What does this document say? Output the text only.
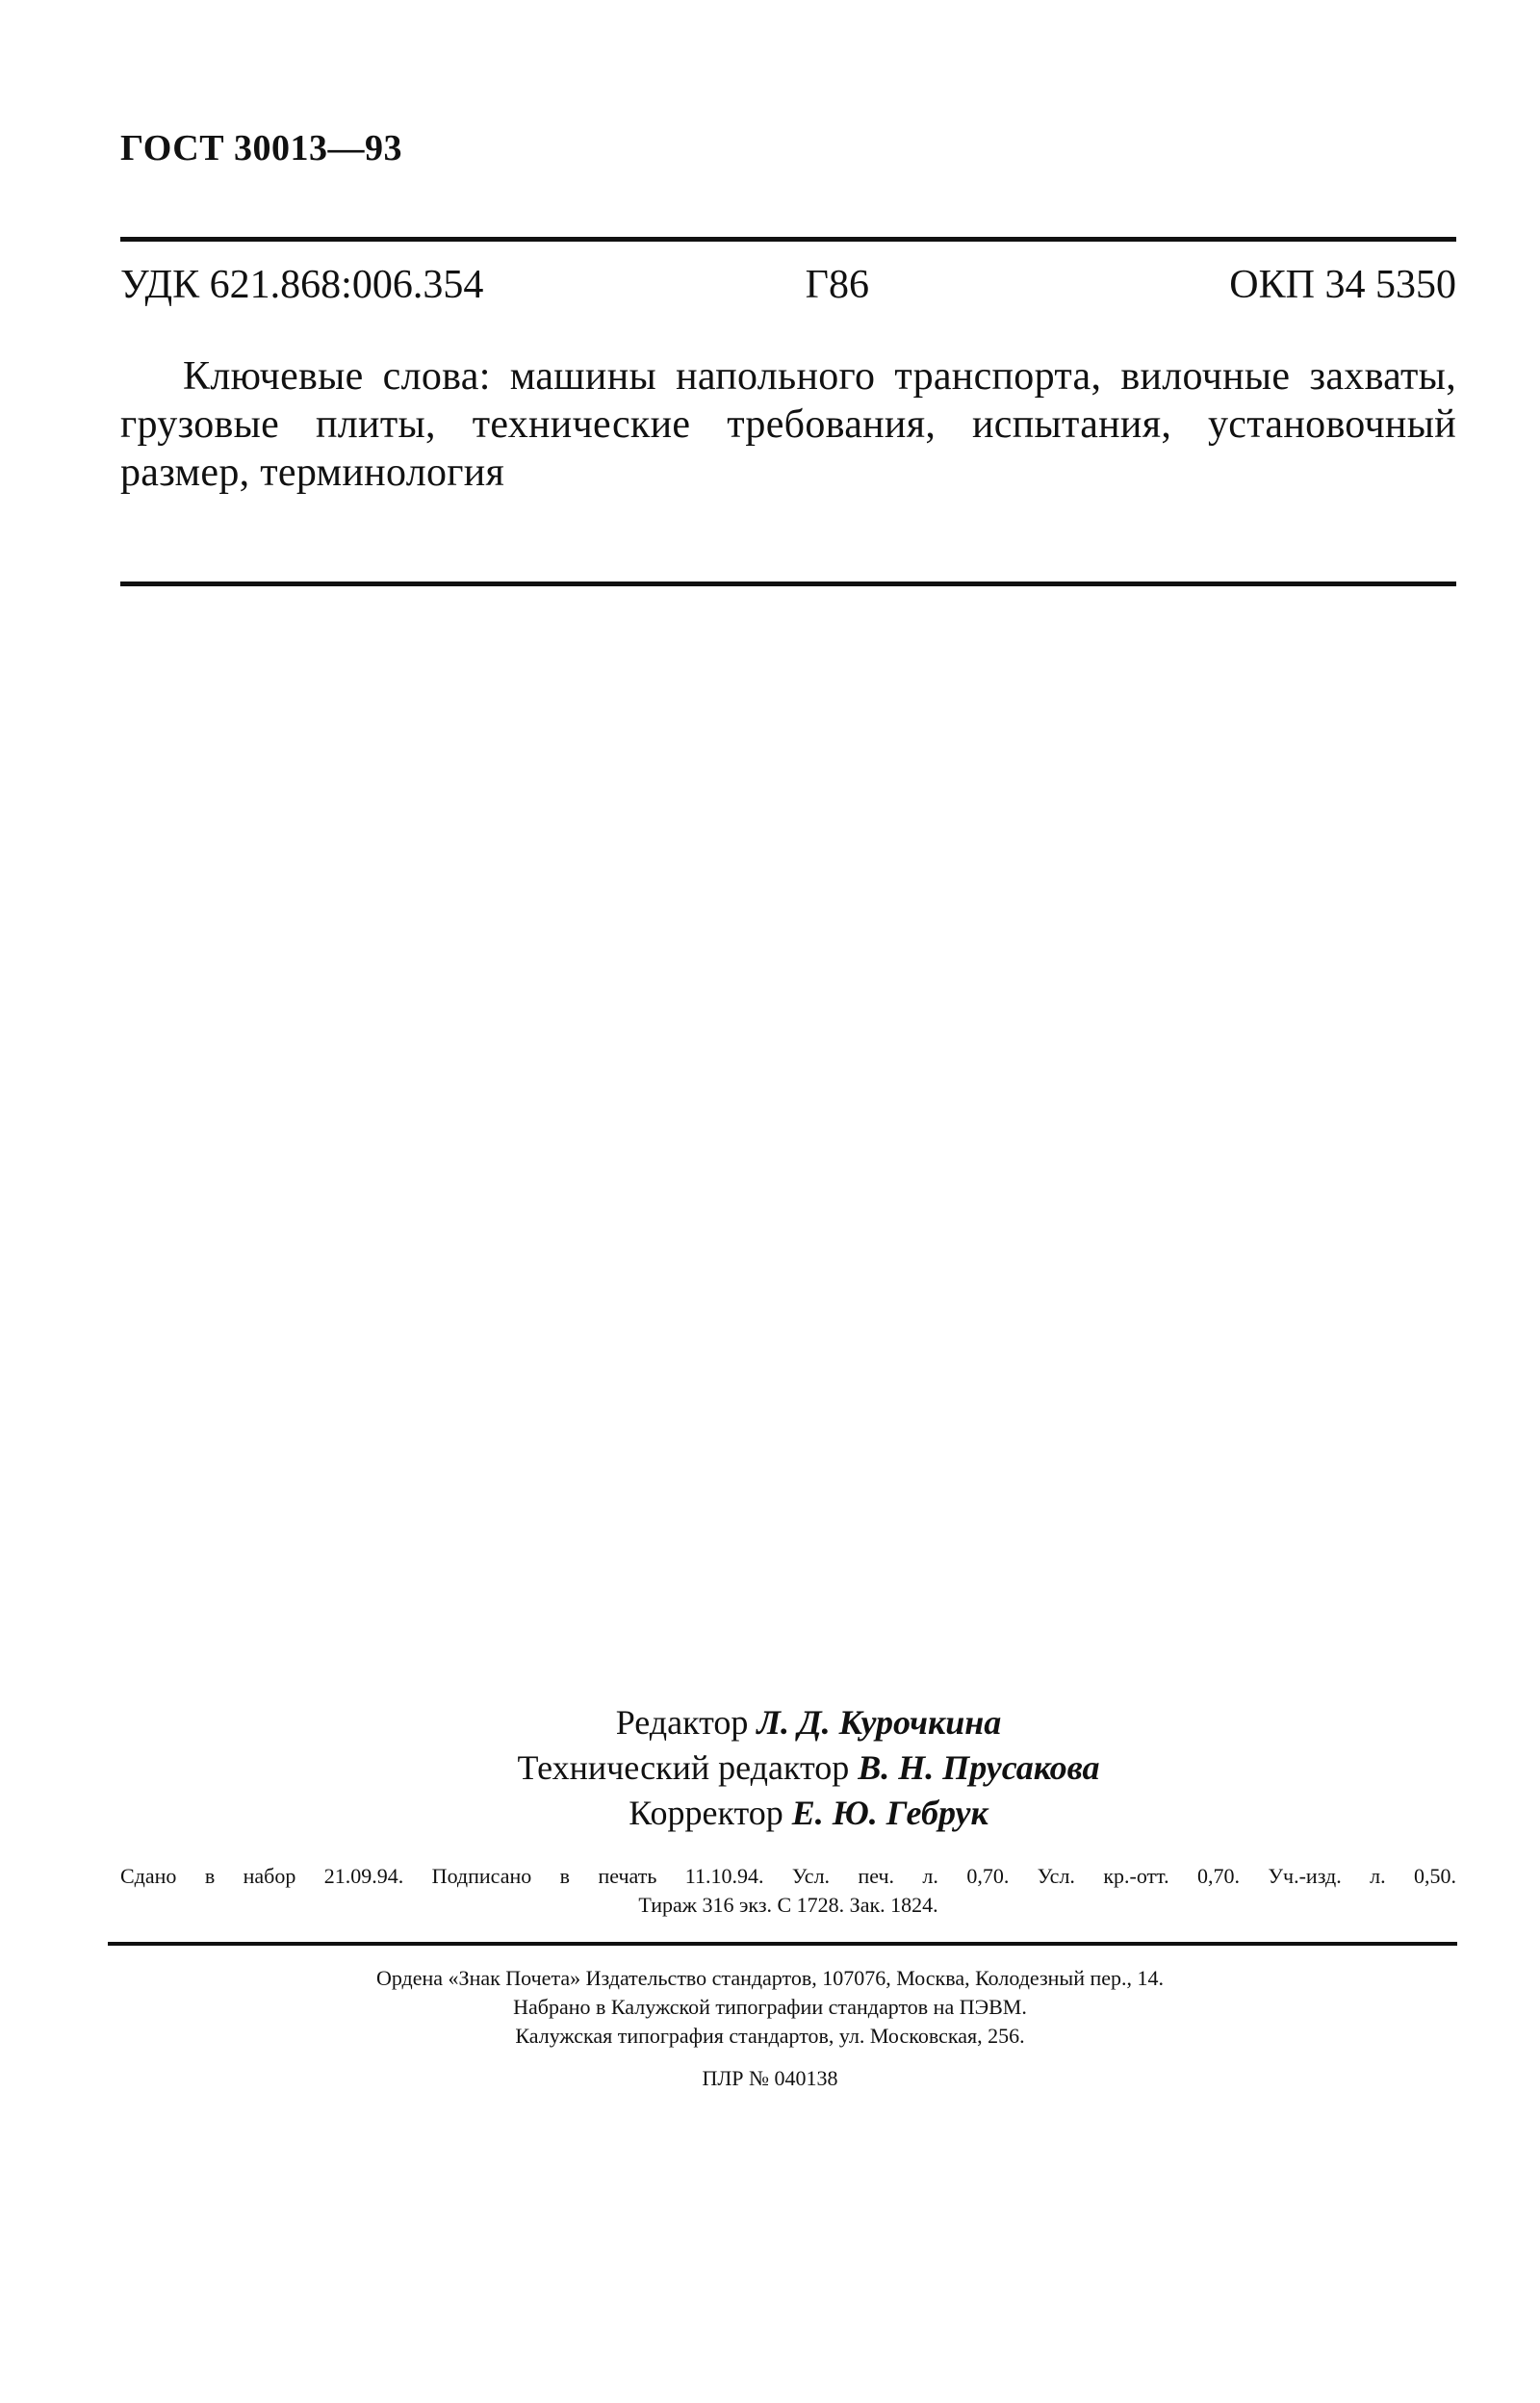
ГОСТ 30013—93
УДК 621.868:006.354	Г86	ОКП 34 5350
Ключевые слова: машины напольного транспорта, вилочные захваты, грузовые плиты, технические требования, испытания, установочный размер, терминология
Редактор Л. Д. Курочкина
Технический редактор В. Н. Прусакова
Корректор Е. Ю. Гебрук
Сдано в набор 21.09.94. Подписано в печать 11.10.94. Усл. печ. л. 0,70. Усл. кр.-отт. 0,70. Уч.-изд. л. 0,50.
Тираж 316 экз. С 1728. Зак. 1824.
Ордена «Знак Почета» Издательство стандартов, 107076, Москва, Колодезный пер., 14.
Набрано в Калужской типографии стандартов на ПЭВМ.
Калужская типография стандартов, ул. Московская, 256.
ПЛР № 040138
